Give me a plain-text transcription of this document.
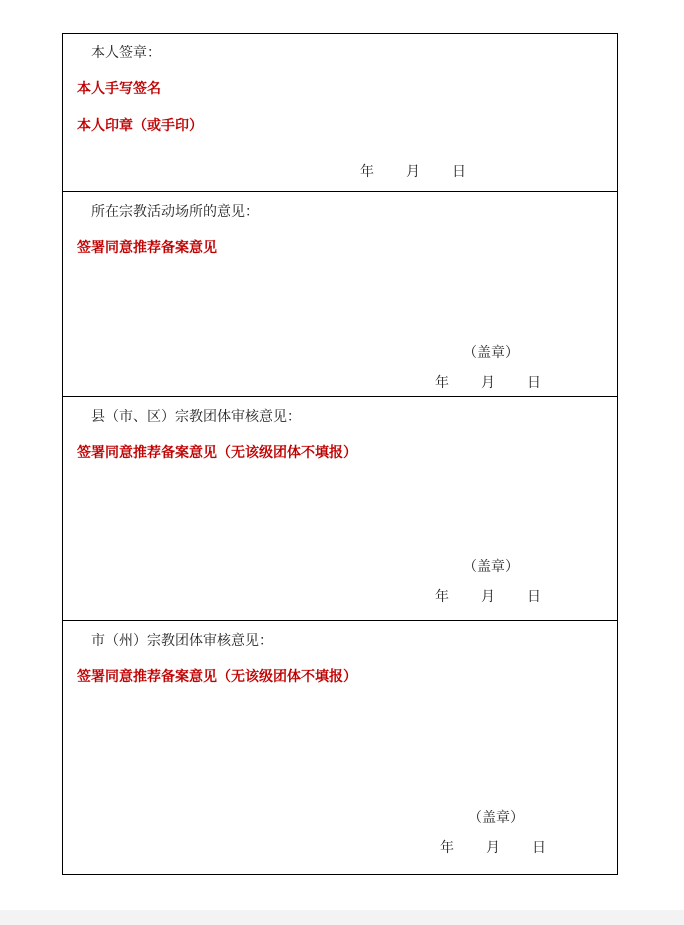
本人签章：
本人手写签名
本人印章（或手印）
年 月 日
所在宗教活动场所的意见：
签署同意推荐备案意见
（盖章）
年 月 日
县（市、区）宗教团体审核意见：
签署同意推荐备案意见（无该级团体不填报）
（盖章）
年 月 日
市（州）宗教团体审核意见：
签署同意推荐备案意见（无该级团体不填报）
（盖章）
年 月 日
